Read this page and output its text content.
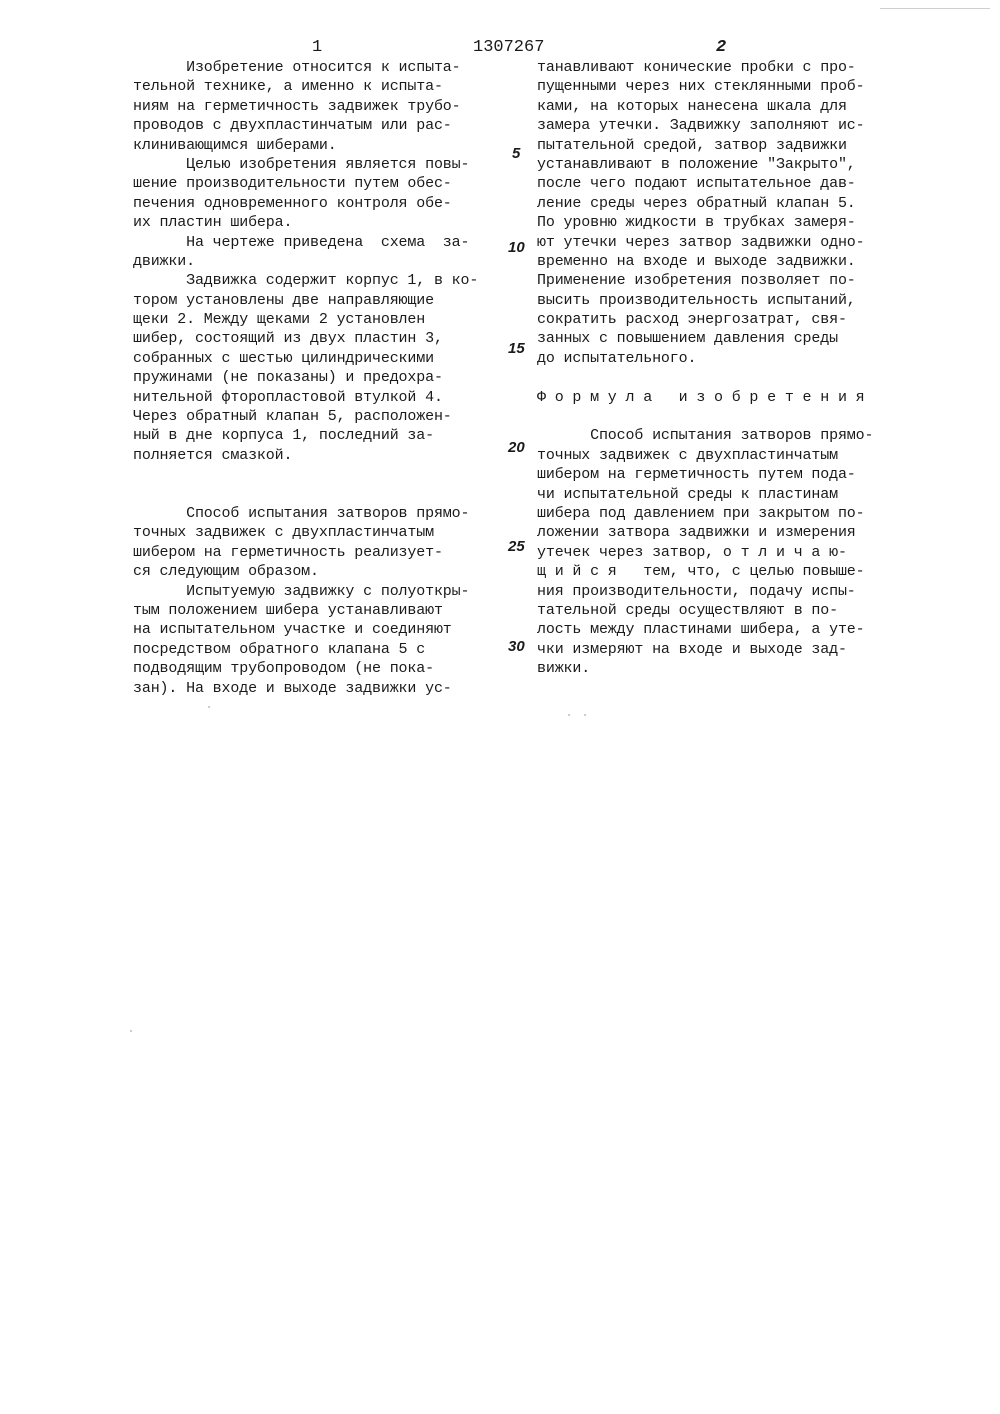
1	1307267	2
Изобретение относится к испыта-
тельной технике, а именно к испыта-
ниям на герметичность задвижек трубо-
проводов с двухпластинчатым или рас-
клинивающимся шиберами.
Целью изобретения является повы-
шение производительности путем обес-
печения одновременного контроля обе-
их пластин шибера.
На чертеже приведена  схема  за-
движки.
Задвижка содержит корпус 1, в ко-
тором установлены две направляющие
щеки 2. Между щеками 2 установлен
шибер, состоящий из двух пластин 3,
собранных с шестью цилиндрическими
пружинами (не показаны) и предохра-
нительной фторопластовой втулкой 4.
Через обратный клапан 5, расположен-
ный в дне корпуса 1, последний за-
полняется смазкой.
Способ испытания затворов прямо-
точных задвижек с двухпластинчатым
шибером на герметичность реализует-
ся следующим образом.
Испытуемую задвижку с полуоткры-
тым положением шибера устанавливают
на испытательном участке и соединяют
посредством обратного клапана 5 с
подводящим трубопроводом (не пока-
зан). На входе и выходе задвижки ус-
танавливают конические пробки с про-
пущенными через них стеклянными проб-
ками, на которых нанесена шкала для
замера утечки. Задвижку заполняют ис-
пытательной средой, затвор задвижки
устанавливают в положение "Закрыто",
после чего подают испытательное дав-
ление среды через обратный клапан 5.
По уровню жидкости в трубках замеря-
ют утечки через затвор задвижки одно-
временно на входе и выходе задвижки.
Применение изобретения позволяет по-
высить производительность испытаний,
сократить расход энергозатрат, свя-
занных с повышением давления среды
до испытательного.
Ф о р м у л а   и з о б р е т е н и я
Способ испытания затворов прямо-
точных задвижек с двухпластинчатым
шибером на герметичность путем пода-
чи испытательной среды к пластинам
шибера под давлением при закрытом по-
ложении затвора задвижки и измерения
утечек через затвор, о т л и ч а ю-
щ и й с я   тем, что, с целью повыше-
ния производительности, подачу испы-
тательной среды осуществляют в по-
лость между пластинами шибера, а уте-
чки измеряют на входе и выходе зад-
вижки.
5
10
15
20
25
30
